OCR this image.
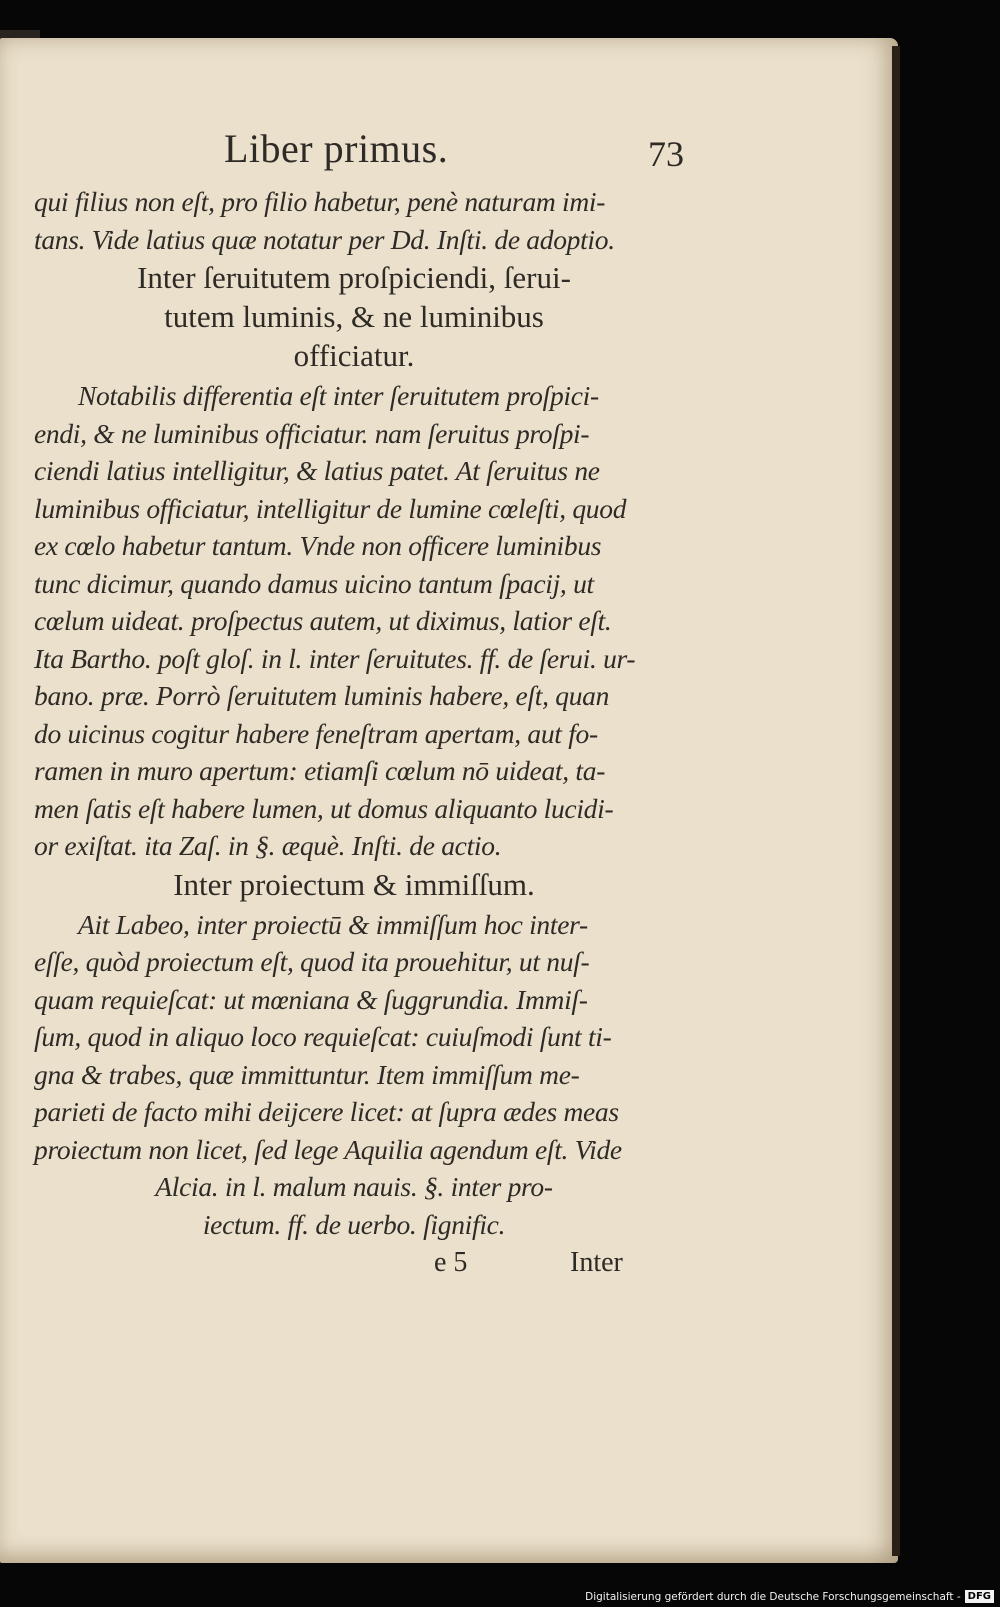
Liber primus.	73
qui filius non eſt, pro filio habetur, penè naturam imi-
tans. Vide latius quæ notatur per Dd. Inſti. de adoptio.
Inter ſeruitutem proſpiciendi, ſerui-
tutem luminis, & ne luminibus
officiatur.
Notabilis differentia eſt inter ſeruitutem proſpici-
endi, & ne luminibus officiatur. nam ſeruitus proſpi-
ciendi latius intelligitur, & latius patet. At ſeruitus ne
luminibus officiatur, intelligitur de lumine cœleſti, quod
ex cœlo habetur tantum. Vnde non officere luminibus
tunc dicimur, quando damus uicino tantum ſpacij, ut
cœlum uideat. proſpectus autem, ut diximus, latior eſt.
Ita Bartho. poſt gloſ. in l. inter ſeruitutes. ff. de ſerui. ur-
bano. præ. Porrò ſeruitutem luminis habere, eſt, quan
do uicinus cogitur habere feneſtram apertam, aut fo-
ramen in muro apertum: etiamſi cœlum nō uideat, ta-
men ſatis eſt habere lumen, ut domus aliquanto lucidi-
or exiſtat. ita Zaſ. in §. æquè. Inſti. de actio.
Inter proiectum & immiſſum.
Ait Labeo, inter proiectū & immiſſum hoc inter-
eſſe, quòd proiectum eſt, quod ita prouehitur, ut nuſ-
quam requieſcat: ut mœniana & ſuggrundia. Immiſ-
ſum, quod in aliquo loco requieſcat: cuiuſmodi ſunt ti-
gna & trabes, quæ immittuntur. Item immiſſum me-
parieti de facto mihi deijcere licet: at ſupra ædes meas
proiectum non licet, ſed lege Aquilia agendum eſt. Vide
Alcia. in l. malum nauis. §. inter pro-
iectum. ff. de uerbo. ſignific.
e 5	Inter
Digitalisierung gefördert durch die Deutsche Forschungsgemeinschaft - DFG
